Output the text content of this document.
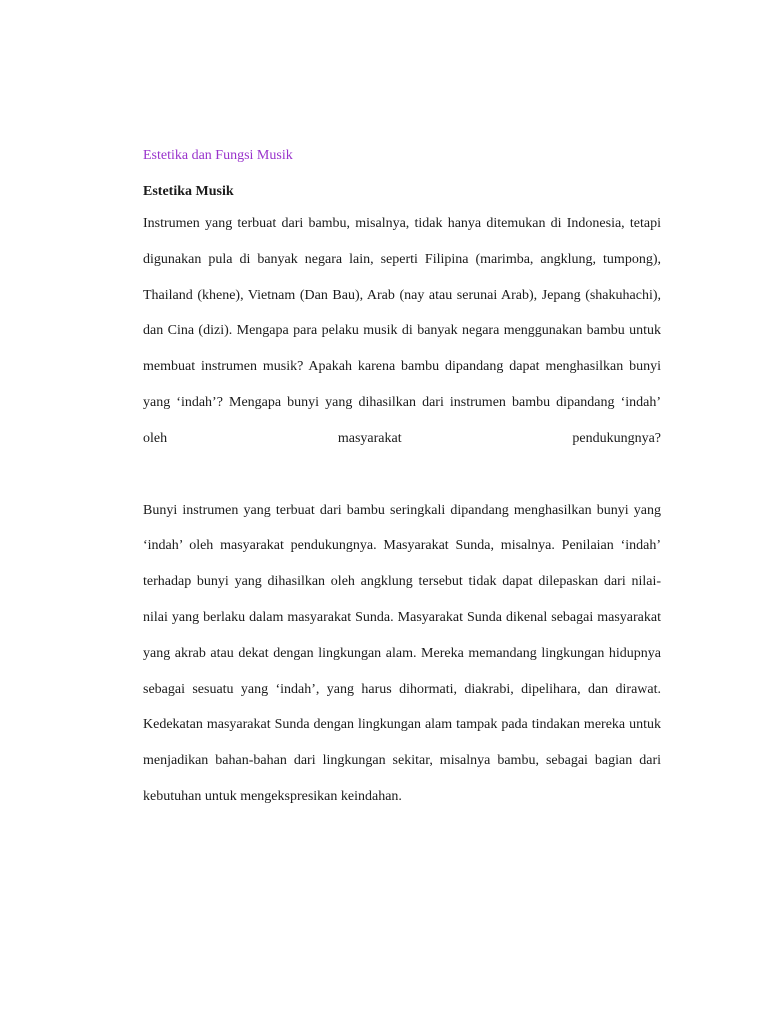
Estetika dan Fungsi Musik

Estetika Musik

Instrumen yang terbuat dari bambu, misalnya, tidak hanya ditemukan di Indonesia, tetapi digunakan pula di banyak negara lain, seperti Filipina (marimba, angklung, tumpong), Thailand (khene), Vietnam (Dan Bau), Arab (nay atau serunai Arab), Jepang (shakuhachi), dan Cina (dizi). Mengapa para pelaku musik di banyak negara menggunakan bambu untuk membuat instrumen musik? Apakah karena bambu dipandang dapat menghasilkan bunyi yang ‘indah’? Mengapa bunyi yang dihasilkan dari instrumen bambu dipandang ‘indah’ oleh masyarakat pendukungnya?

Bunyi instrumen yang terbuat dari bambu seringkali dipandang menghasilkan bunyi yang ‘indah’ oleh masyarakat pendukungnya. Masyarakat Sunda, misalnya. Penilaian ‘indah’ terhadap bunyi yang dihasilkan oleh angklung tersebut tidak dapat dilepaskan dari nilai-nilai yang berlaku dalam masyarakat Sunda. Masyarakat Sunda dikenal sebagai masyarakat yang akrab atau dekat dengan lingkungan alam. Mereka memandang lingkungan hidupnya sebagai sesuatu yang ‘indah’, yang harus dihormati, diakrabi, dipelihara, dan dirawat. Kedekatan masyarakat Sunda dengan lingkungan alam tampak pada tindakan mereka untuk menjadikan bahan-bahan dari lingkungan sekitar, misalnya bambu, sebagai bagian dari kebutuhan untuk mengekspresikan keindahan.
